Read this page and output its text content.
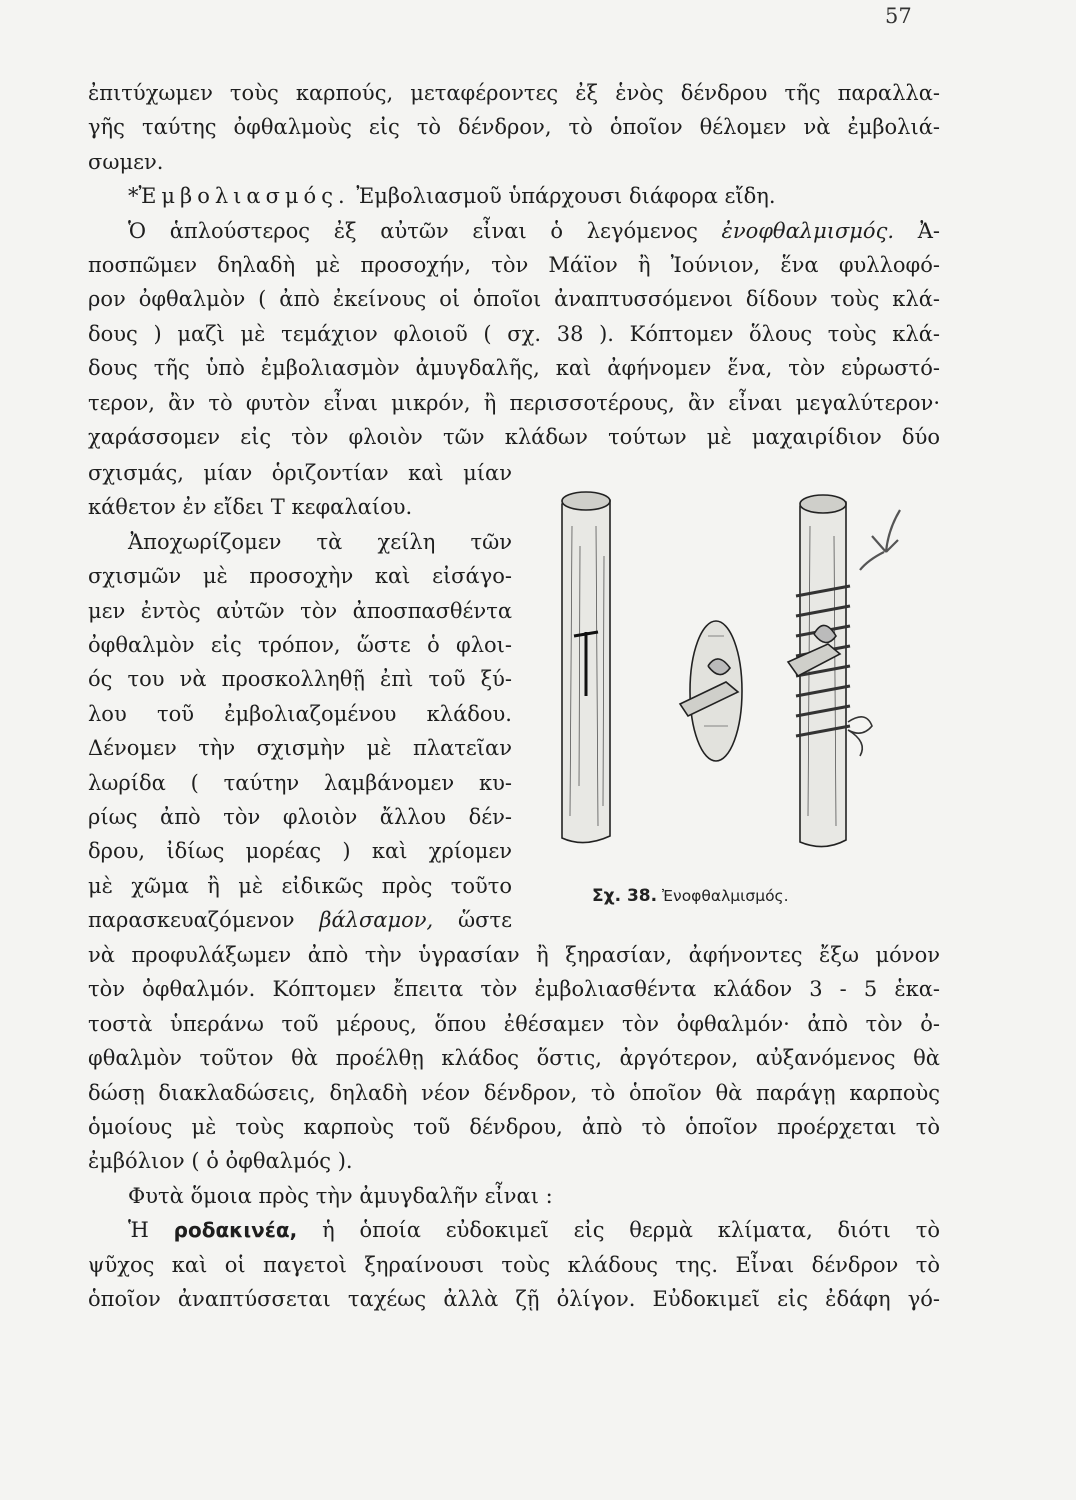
57
ἐπιτύχωμεν τοὺς καρπούς, μεταφέροντες ἐξ ἑνὸς δένδρου τῆς παραλλα-
γῆς ταύτης ὀφθαλμοὺς εἰς τὸ δένδρον, τὸ ὁποῖον θέλομεν νὰ ἐμβολιά-
σωμεν.
*Ἐμβολιασμός. Ἐμβολιασμοῦ ὑπάρχουσι διάφορα εἴδη.
Ὁ ἁπλούστερος ἐξ αὐτῶν εἶναι ὁ λεγόμενος ἐνοφθαλμισμός. Ἀ-
ποσπῶμεν δηλαδὴ μὲ προσοχήν, τὸν Μάϊον ἢ Ἰούνιον, ἕνα φυλλοφό-
ρον ὀφθαλμὸν ( ἀπὸ ἐκείνους οἱ ὁποῖοι ἀναπτυσσόμενοι δίδουν τοὺς κλά-
δους ) μαζὶ μὲ τεμάχιον φλοιοῦ ( σχ. 38 ). Κόπτομεν ὅλους τοὺς κλά-
δους τῆς ὑπὸ ἐμβολιασμὸν ἀμυγδαλῆς, καὶ ἀφήνομεν ἕνα, τὸν εὐρωστό-
τερον, ἂν τὸ φυτὸν εἶναι μικρόν, ἢ περισσοτέρους, ἂν εἶναι μεγαλύτερον·
χαράσσομεν εἰς τὸν φλοιὸν τῶν κλάδων τούτων μὲ μαχαιρίδιον δύο
σχισμάς, μίαν ὁριζοντίαν καὶ μίαν
κάθετον ἐν εἴδει Τ κεφαλαίου.
Ἀποχωρίζομεν τὰ χείλη τῶν
σχισμῶν μὲ προσοχὴν καὶ εἰσάγο-
μεν ἐντὸς αὐτῶν τὸν ἀποσπασθέντα
ὀφθαλμὸν εἰς τρόπον, ὥστε ὁ φλοι-
ός του νὰ προσκολληθῇ ἐπὶ τοῦ ξύ-
λου τοῦ ἐμβολιαζομένου κλάδου.
Δένομεν τὴν σχισμὴν μὲ πλατεῖαν
λωρίδα ( ταύτην λαμβάνομεν κυ-
ρίως ἀπὸ τὸν φλοιὸν ἄλλου δέν-
δρου, ἰδίως μορέας ) καὶ χρίομεν
μὲ χῶμα ἢ μὲ εἰδικῶς πρὸς τοῦτο
παρασκευαζόμενον βάλσαμον, ὥστε
Σχ. 38. Ἐνοφθαλμισμός.
νὰ προφυλάξωμεν ἀπὸ τὴν ὑγρασίαν ἢ ξηρασίαν, ἀφήνοντες ἔξω μόνον
τὸν ὀφθαλμόν. Κόπτομεν ἔπειτα τὸν ἐμβολιασθέντα κλάδον 3 - 5 ἑκα-
τοστὰ ὑπεράνω τοῦ μέρους, ὅπου ἐθέσαμεν τὸν ὀφθαλμόν· ἀπὸ τὸν ὀ-
φθαλμὸν τοῦτον θὰ προέλθῃ κλάδος ὅστις, ἀργότερον, αὐξανόμενος θὰ
δώσῃ διακλαδώσεις, δηλαδὴ νέον δένδρον, τὸ ὁποῖον θὰ παράγῃ καρποὺς
ὁμοίους μὲ τοὺς καρποὺς τοῦ δένδρου, ἀπὸ τὸ ὁποῖον προέρχεται τὸ
ἐμβόλιον ( ὁ ὀφθαλμός ).
Φυτὰ ὅμοια πρὸς τὴν ἀμυγδαλῆν εἶναι :
Ἡ ροδακινέα, ἡ ὁποία εὐδοκιμεῖ εἰς θερμὰ κλίματα, διότι τὸ
ψῦχος καὶ οἱ παγετοὶ ξηραίνουσι τοὺς κλάδους της. Εἶναι δένδρον τὸ
ὁποῖον ἀναπτύσσεται ταχέως ἀλλὰ ζῇ ὀλίγον. Εὐδοκιμεῖ εἰς ἐδάφη γό-
